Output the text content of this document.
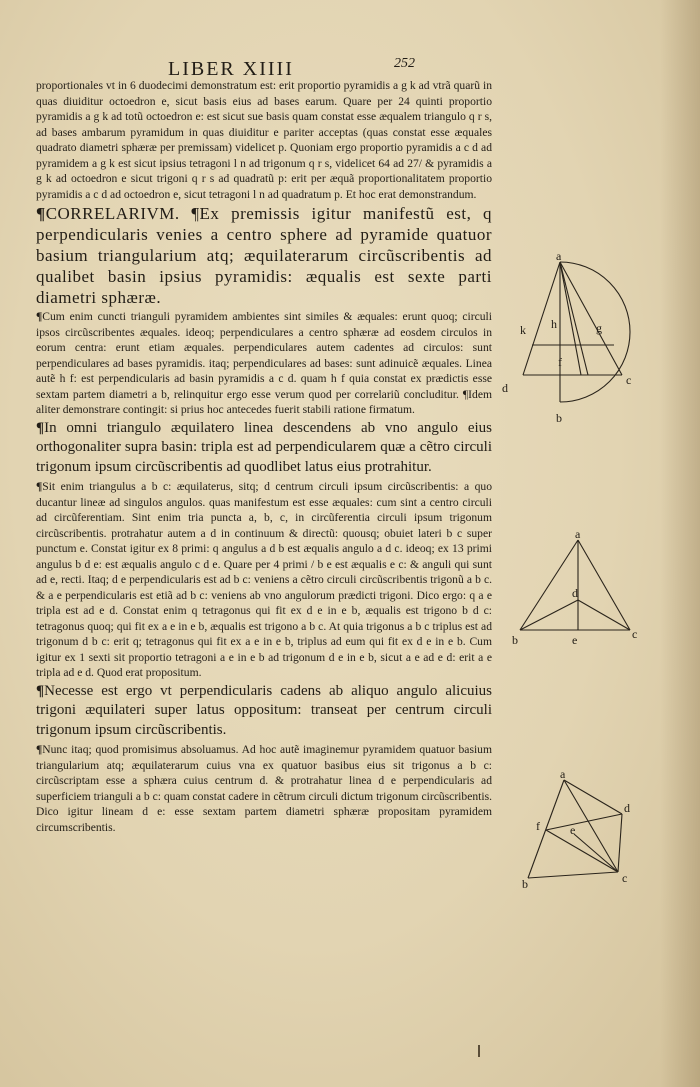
LIBER XIIII	252

proportionales vt in 6 duodecimi demonstratum est: erit proportio pyramidis a g k ad vtrã quarũ in quas diuiditur octoedron e, sicut basis eius ad bases earum. Quare per 24 quinti proportio pyramidis a g k ad totũ octoedron e: est sicut sue basis quam constat esse æqualem triangulo q r s, ad bases ambarum pyramidum in quas diuiditur e pariter acceptas (quas constat esse æquales quadrato diametri sphæræ per premissam) videlicet p. Quoniam ergo proportio pyramidis a c d ad pyramidem a g k est sicut ipsius tetragoni l n ad trigonum q r s, videlicet 64 ad 27/ & pyramidis a g k ad octoedron e sicut trigoni q r s ad quadratũ p: erit per æquã proportionalitatem proportio pyramidis a c d ad octoedron e, sicut tetragoni l n ad quadratum p. Et hoc erat demonstrandum.

¶CORRELARIVM. ¶Ex premissis igitur manifestũ est, q perpendicularis venies a centro sphere ad pyramide quatuor basium triangularium atq; æquilaterarum circũscribentis ad qualibet basin ipsius pyramidis: æqualis est sexte parti diametri sphæræ.

¶Cum enim cuncti trianguli pyramidem ambientes sint similes & æquales: erunt quoq; circuli ipsos circũscribentes æquales. ideoq; perpendiculares a centro sphæræ ad eosdem circulos in eorum centra: erunt etiam æquales. perpendiculares autem cadentes ad circulos: sunt perpendiculares ad bases pyramidis. itaq; perpendiculares ad bases: sunt adinuicẽ æquales. Linea autẽ h f: est perpendicularis ad basin pyramidis a c d. quam h f quia constat ex prædictis esse sextam partem diametri a b, relinquitur ergo esse verum quod per correlariũ concluditur. ¶Idem aliter demonstrare contingit: si prius hoc antecedes fuerit stabili ratione firmatum.

¶In omni triangulo æquilatero linea descendens ab vno angulo eius orthogonaliter supra basin: tripla est ad perpendicularem quæ a cẽtro circuli trigonum ipsum circũscribentis ad quodlibet latus eius protrahitur.

¶Sit enim triangulus a b c: æquilaterus, sitq; d centrum circuli ipsum circũscribentis: a quo ducantur lineæ ad singulos angulos. quas manifestum est esse æquales: cum sint a centro circuli ad circũferentiam. Sint enim tria puncta a, b, c, in circũferentia circuli ipsum trigonum circũscribentis. protrahatur autem a d in continuum & directũ: quousq; obuiet lateri b c super punctum e. Constat igitur ex 8 primi: q angulus a d b est æqualis angulo a d c. ideoq; ex 13 primi angulus b d e: est æqualis angulo c d e. Quare per 4 primi / b e est æqualis e c: & anguli qui sunt ad e, recti. Itaq; d e perpendicularis est ad b c: veniens a cẽtro circuli circũscribentis trigonũ a b c. & a e perpendicularis est etiã ad b c: veniens ab vno angulorum prædicti trigoni. Dico ergo: q a e tripla est ad e d. Constat enim q tetragonus qui fit ex d e in e b, æqualis est trigono b d c: tetragonus quoq; qui fit ex a e in e b, æqualis est trigono a b c. At quia trigonus a b c triplus est ad trigonum d b c: erit q; tetragonus qui fit ex a e in e b, triplus ad eum qui fit ex d e in e b. Cum igitur ex 1 sexti sit proportio tetragoni a e in e b ad trigonum d e in e b, sicut a e ad e d: erit a e tripla ad e d. Quod erat propositum.

¶Necesse est ergo vt perpendicularis cadens ab aliquo angulo alicuius trigoni æquilateri super latus oppositum: transeat per centrum circuli trigonum ipsum circũscribentis.

¶Nunc itaq; quod promisimus absoluamus. Ad hoc autẽ imaginemur pyramidem quatuor basium triangularium atq; æquilaterarum cuius vna ex quatuor basibus eius sit trigonus a b c: circũscriptam esse a sphæra cuius centrum d. & protrahatur linea d e perpendicularis ad superficiem trianguli a b c: quam constat cadere in cẽtrum circuli dictum trigonum circũscribentis. Dico igitur lineam d e: esse sextam partem diametri sphæræ propositam pyramidem circumscribentis.

a
k h	g
f
d
c
b
a
d
b	e	c
a
d
f	e
b	c
